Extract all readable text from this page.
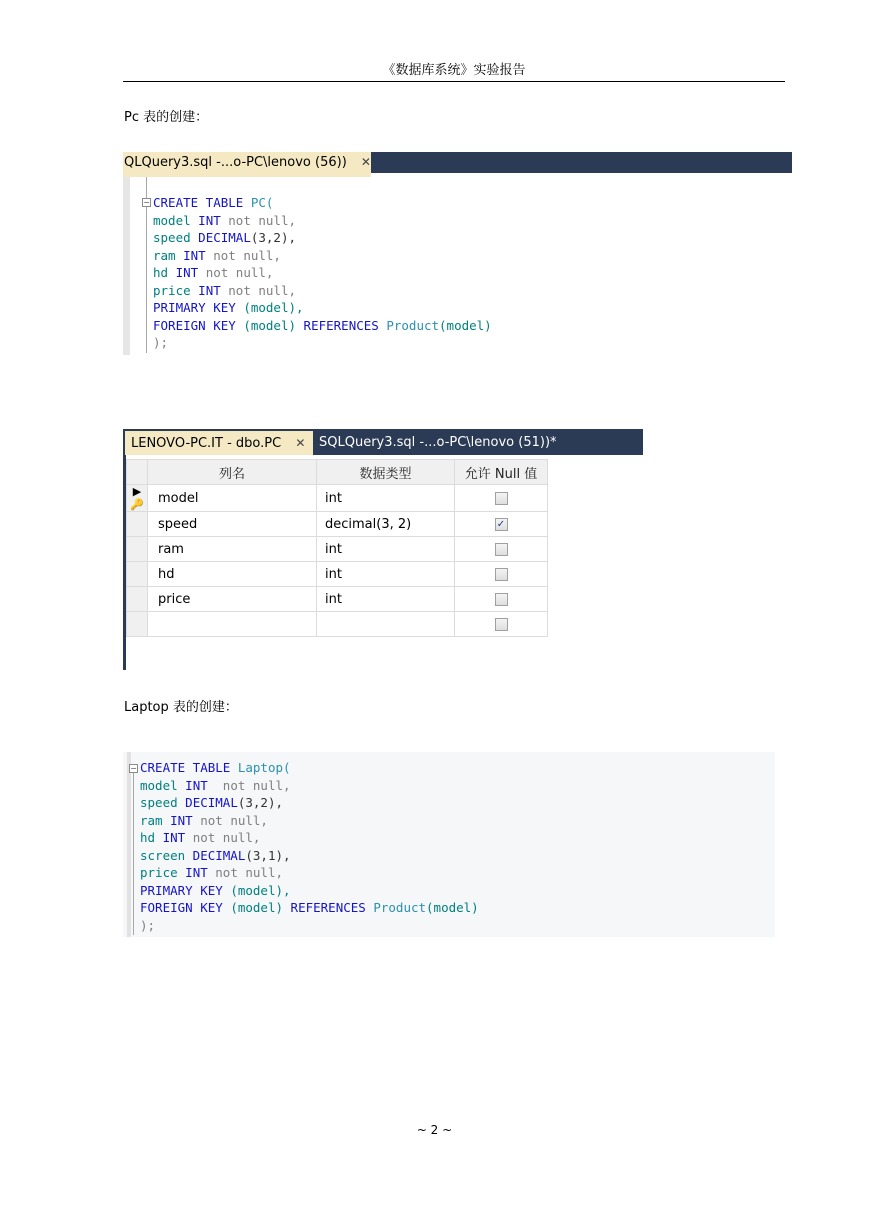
《数据库系统》实验报告
Pc 表的创建：
QLQuery3.sql -...o-PC\lenovo (56)) ✕
− CREATE TABLE PC(
model INT not null,
speed DECIMAL(3,2),
ram INT not null,
hd INT not null,
price INT not null,
PRIMARY KEY (model),
FOREIGN KEY (model) REFERENCES Product(model)
);
LENOVO-PC.IT - dbo.PC ✕	SQLQuery3.sql -...o-PC\lenovo (51))*
	列名	数据类型	允许 Null 值
▶🔑	model	int	
	speed	decimal(3, 2)	✓
	ram	int	
	hd	int	
	price	int	

Laptop 表的创建：
− CREATE TABLE Laptop(
model INT  not null,
speed DECIMAL(3,2),
ram INT not null,
hd INT not null,
screen DECIMAL(3,1),
price INT not null,
PRIMARY KEY (model),
FOREIGN KEY (model) REFERENCES Product(model)
);
~ 2 ~
